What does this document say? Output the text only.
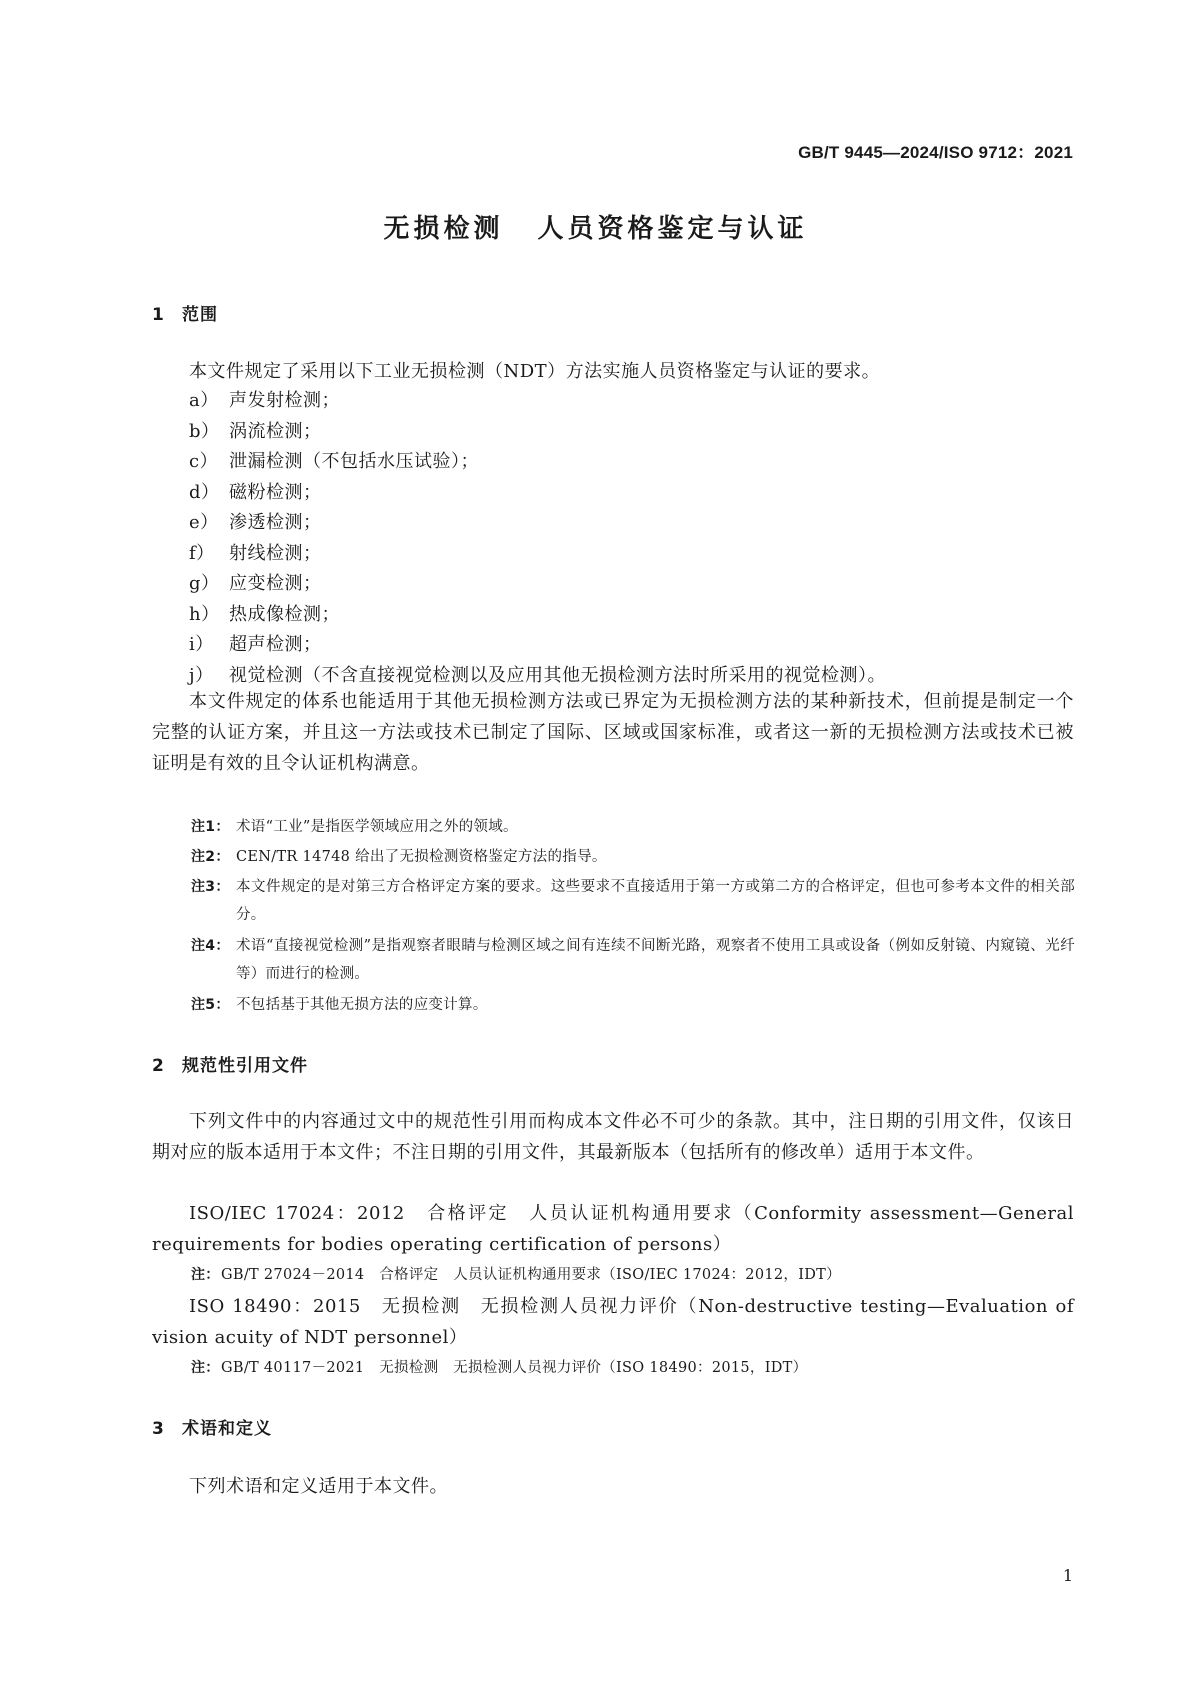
GB/T 9445—2024/ISO 9712：2021
无损检测 人员资格鉴定与认证
1 范围
本文件规定了采用以下工业无损检测（NDT）方法实施人员资格鉴定与认证的要求。
a） 声发射检测；
b） 涡流检测；
c） 泄漏检测（不包括水压试验）；
d） 磁粉检测；
e） 渗透检测；
f） 射线检测；
g） 应变检测；
h） 热成像检测；
i） 超声检测；
j） 视觉检测（不含直接视觉检测以及应用其他无损检测方法时所采用的视觉检测）。
本文件规定的体系也能适用于其他无损检测方法或已界定为无损检测方法的某种新技术，但前提是制定一个完整的认证方案，并且这一方法或技术已制定了国际、区域或国家标准，或者这一新的无损检测方法或技术已被证明是有效的且令认证机构满意。
注1： 术语“工业”是指医学领域应用之外的领域。
注2： CEN/TR 14748 给出了无损检测资格鉴定方法的指导。
注3： 本文件规定的是对第三方合格评定方案的要求。这些要求不直接适用于第一方或第二方的合格评定，但也可参考本文件的相关部分。
注4： 术语“直接视觉检测”是指观察者眼睛与检测区域之间有连续不间断光路，观察者不使用工具或设备（例如反射镜、内窥镜、光纤等）而进行的检测。
注5： 不包括基于其他无损方法的应变计算。
2 规范性引用文件
下列文件中的内容通过文中的规范性引用而构成本文件必不可少的条款。其中，注日期的引用文件，仅该日期对应的版本适用于本文件；不注日期的引用文件，其最新版本（包括所有的修改单）适用于本文件。
ISO/IEC 17024：2012　合格评定　人员认证机构通用要求（Conformity assessment—General requirements for bodies operating certification of persons）
注： GB/T 27024－2014　合格评定　人员认证机构通用要求（ISO/IEC 17024：2012，IDT）
ISO 18490：2015　无损检测　无损检测人员视力评价（Non-destructive testing—Evaluation of vision acuity of NDT personnel）
注： GB/T 40117－2021　无损检测　无损检测人员视力评价（ISO 18490：2015，IDT）
3 术语和定义
下列术语和定义适用于本文件。
1
